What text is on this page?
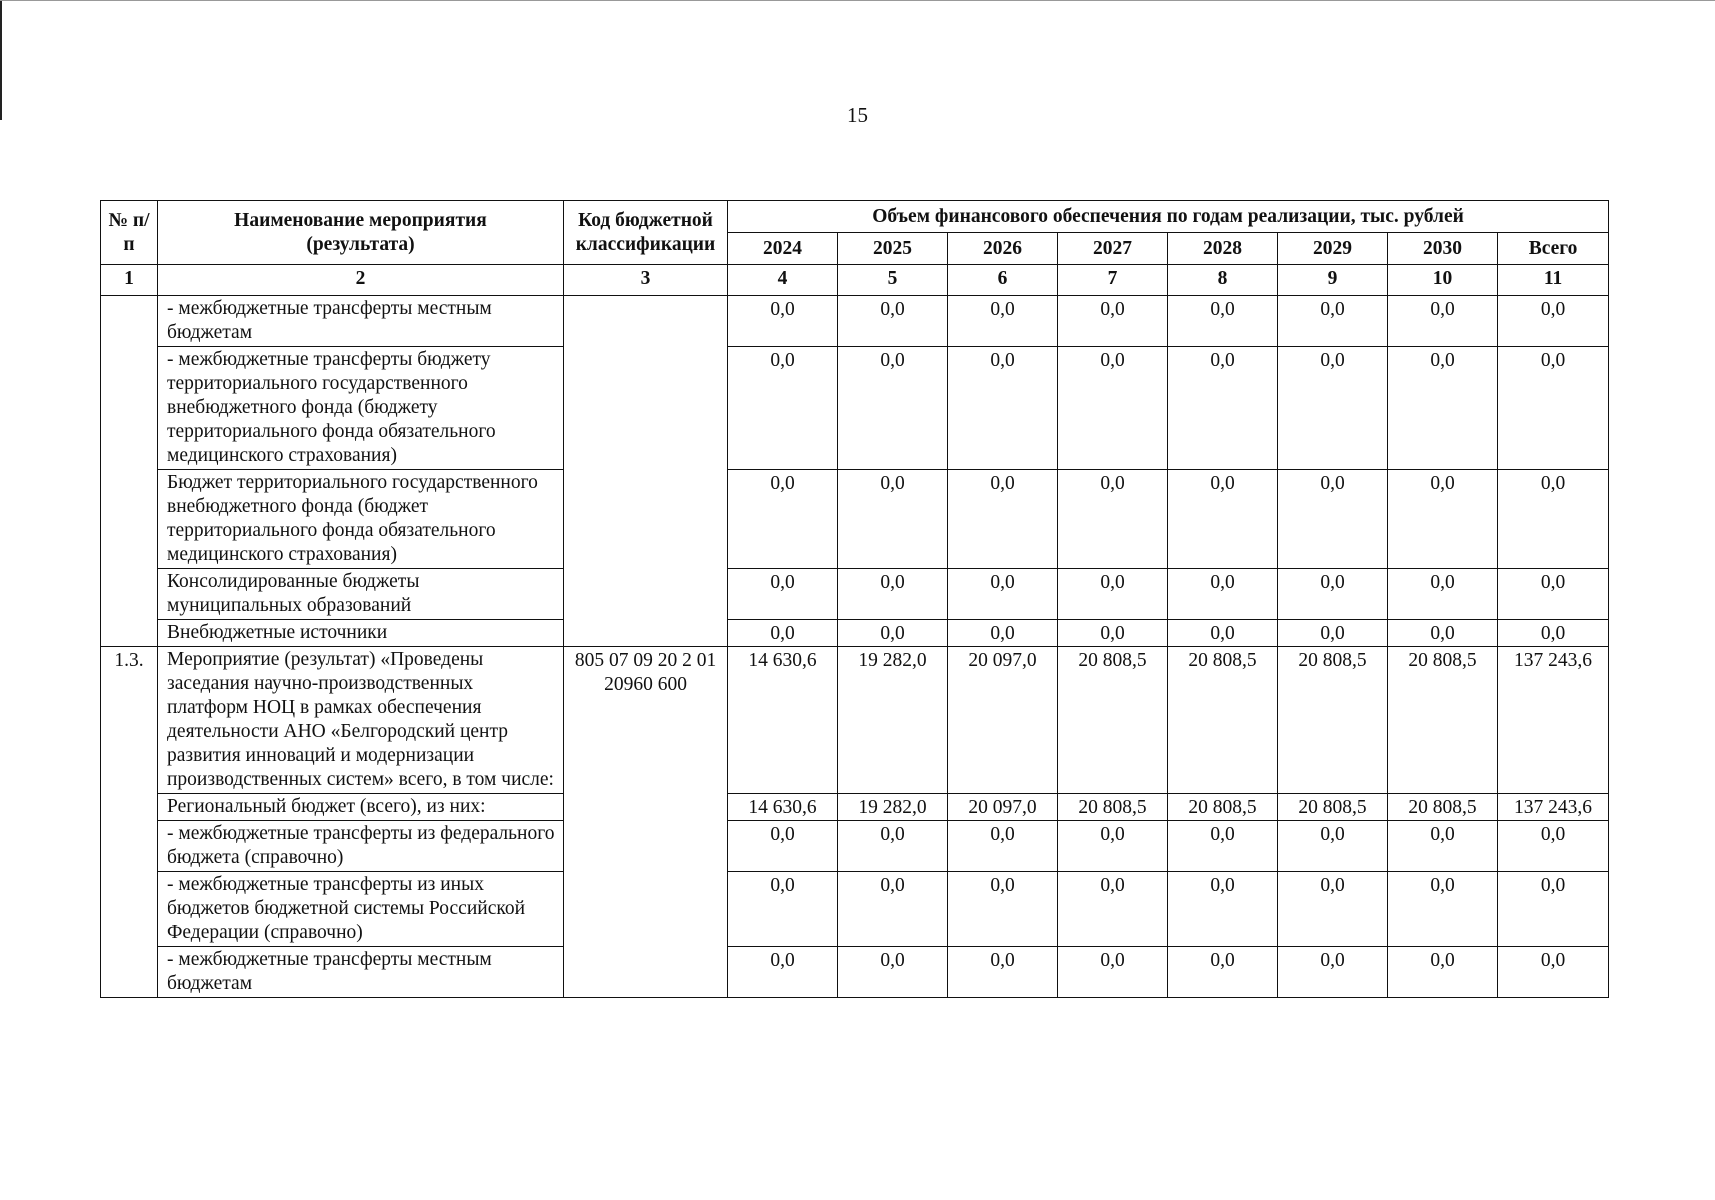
15
№ п/п	Наименование мероприятия (результата)	Код бюджетной классификации	Объем финансового обеспечения по годам реализации, тыс. рублей							
			2024	2025	2026	2027	2028	2029	2030	Всего
1	2	3	4	5	6	7	8	9	10	11
	- межбюджетные трансферты местным бюджетам		0,0	0,0	0,0	0,0	0,0	0,0	0,0	0,0
	- межбюджетные трансферты бюджету территориального государственного внебюджетного фонда (бюджету территориального фонда обязательного медицинского страхования)		0,0	0,0	0,0	0,0	0,0	0,0	0,0	0,0
	Бюджет территориального государственного внебюджетного фонда (бюджет территориального фонда обязательного медицинского страхования)		0,0	0,0	0,0	0,0	0,0	0,0	0,0	0,0
	Консолидированные бюджеты муниципальных образований		0,0	0,0	0,0	0,0	0,0	0,0	0,0	0,0
	Внебюджетные источники		0,0	0,0	0,0	0,0	0,0	0,0	0,0	0,0
1.3.	Мероприятие (результат) «Проведены заседания научно-производственных платформ НОЦ в рамках обеспечения деятельности АНО «Белгородский центр развития инноваций и модернизации производственных систем» всего, в том числе:	805 07 09 20 2 01 20960 600	14 630,6	19 282,0	20 097,0	20 808,5	20 808,5	20 808,5	20 808,5	137 243,6
	Региональный бюджет (всего), из них:		14 630,6	19 282,0	20 097,0	20 808,5	20 808,5	20 808,5	20 808,5	137 243,6
	- межбюджетные трансферты из федерального бюджета (справочно)		0,0	0,0	0,0	0,0	0,0	0,0	0,0	0,0
	- межбюджетные трансферты из иных бюджетов бюджетной системы Российской Федерации (справочно)		0,0	0,0	0,0	0,0	0,0	0,0	0,0	0,0
	- межбюджетные трансферты местным бюджетам		0,0	0,0	0,0	0,0	0,0	0,0	0,0	0,0
